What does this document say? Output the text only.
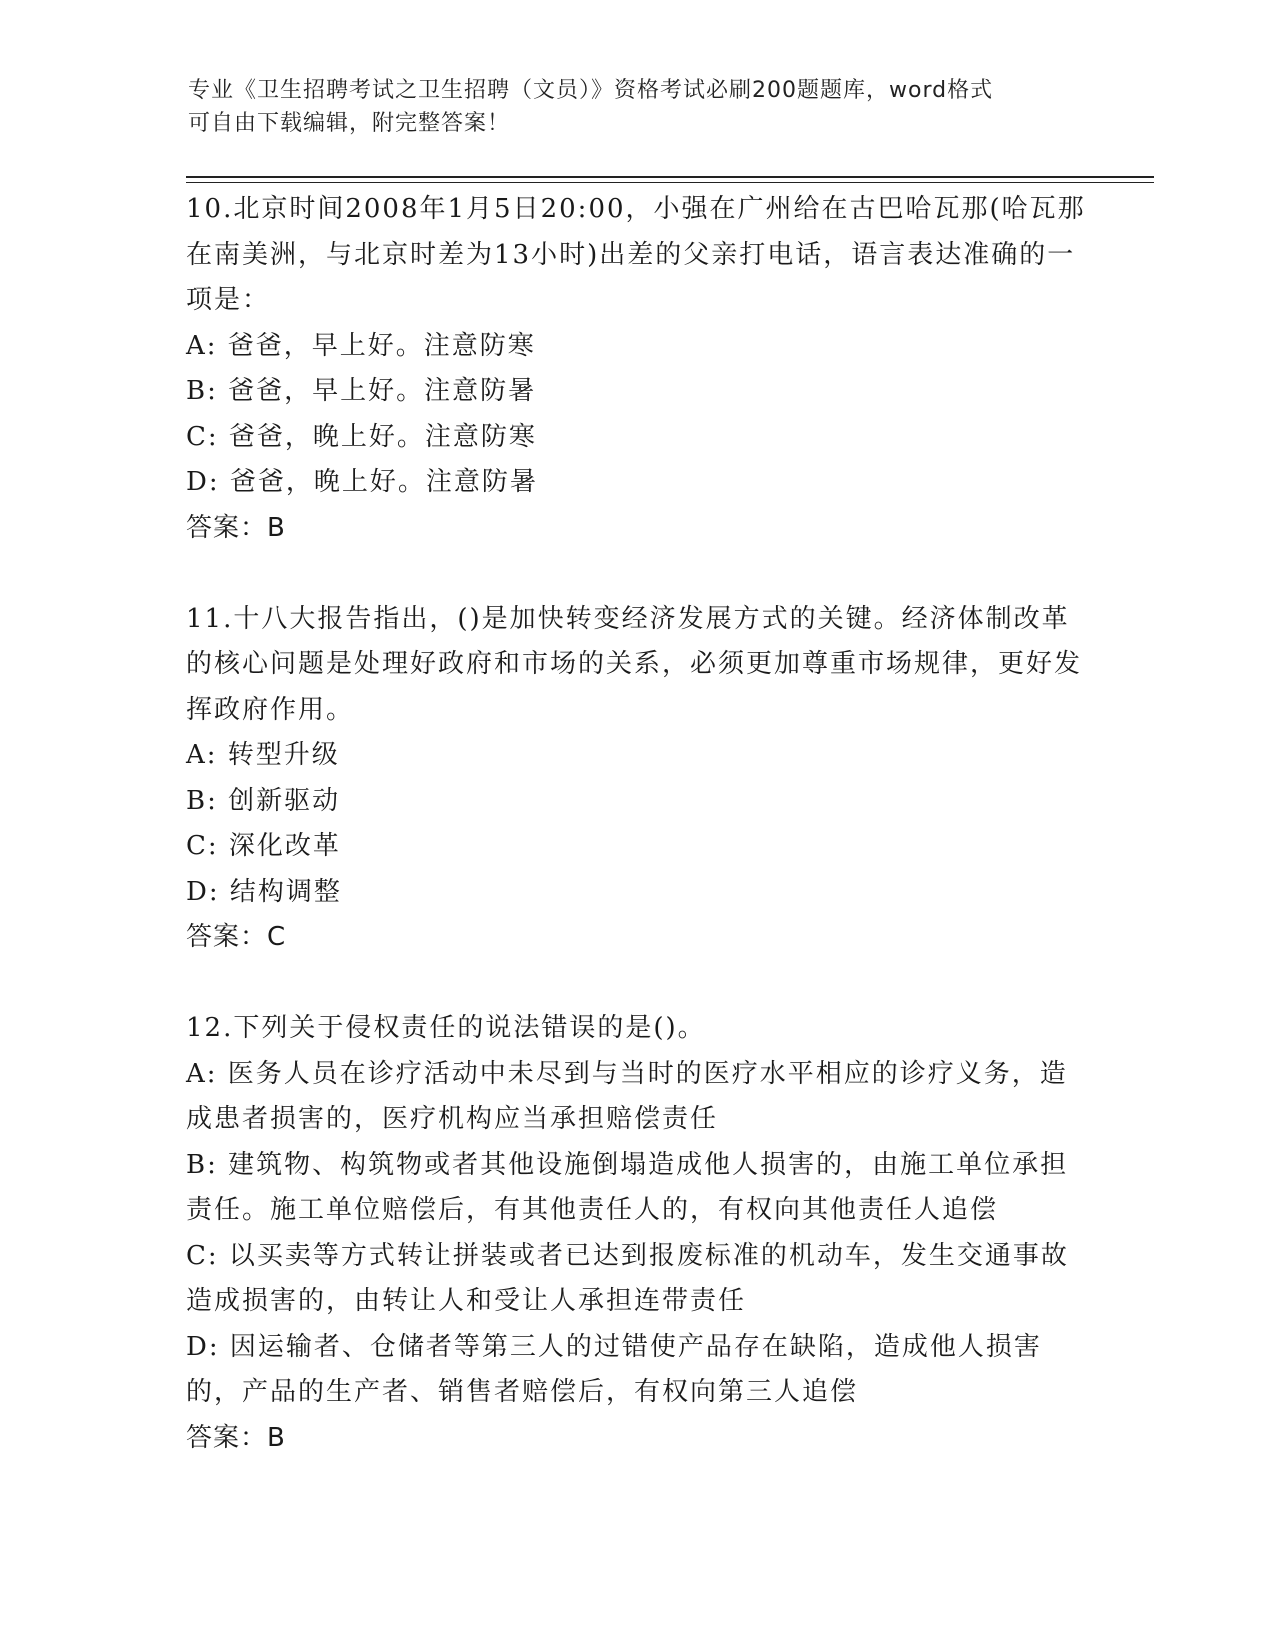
专业《卫生招聘考试之卫生招聘（文员）》资格考试必刷200题题库，word格式
可自由下载编辑，附完整答案！
10.北京时间2008年1月5日20:00，小强在广州给在古巴哈瓦那(哈瓦那在南美洲，与北京时差为13小时)出差的父亲打电话，语言表达准确的一项是：
A: 爸爸，早上好。注意防寒
B: 爸爸，早上好。注意防暑
C: 爸爸，晚上好。注意防寒
D: 爸爸，晚上好。注意防暑
答案：B
11.十八大报告指出，()是加快转变经济发展方式的关键。经济体制改革的核心问题是处理好政府和市场的关系，必须更加尊重市场规律，更好发挥政府作用。
A: 转型升级
B: 创新驱动
C: 深化改革
D: 结构调整
答案：C
12.下列关于侵权责任的说法错误的是()。
A: 医务人员在诊疗活动中未尽到与当时的医疗水平相应的诊疗义务，造成患者损害的，医疗机构应当承担赔偿责任
B: 建筑物、构筑物或者其他设施倒塌造成他人损害的，由施工单位承担责任。施工单位赔偿后，有其他责任人的，有权向其他责任人追偿
C: 以买卖等方式转让拼装或者已达到报废标准的机动车，发生交通事故造成损害的，由转让人和受让人承担连带责任
D: 因运输者、仓储者等第三人的过错使产品存在缺陷，造成他人损害的，产品的生产者、销售者赔偿后，有权向第三人追偿
答案：B
